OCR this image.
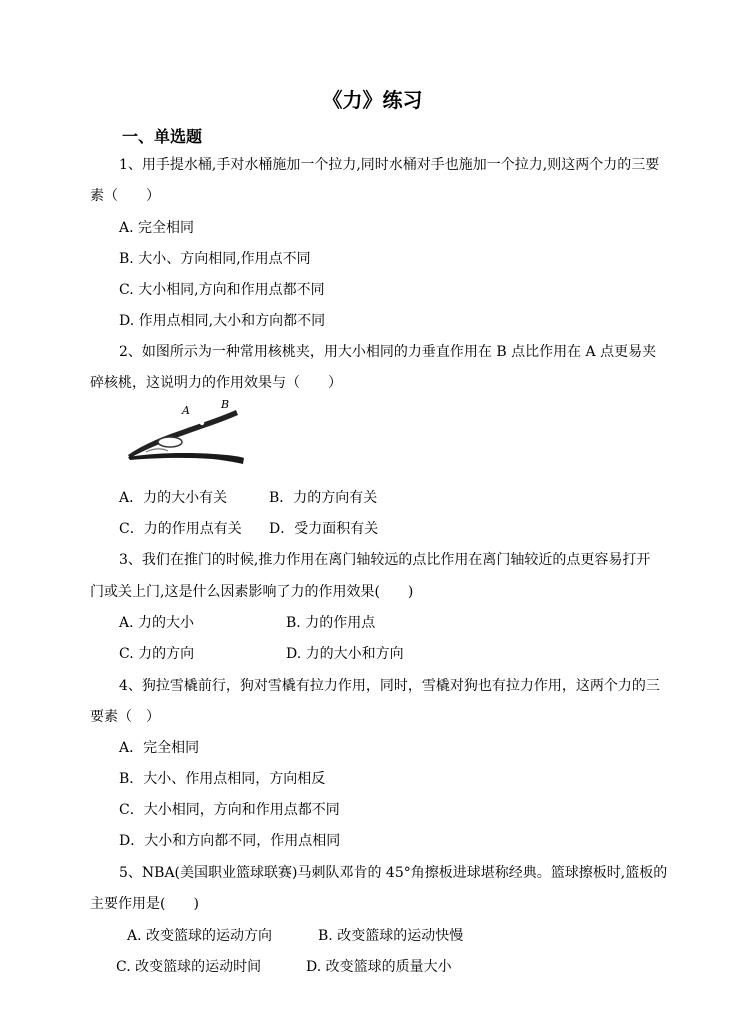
《力》练习
一、单选题
1、用手提水桶,手对水桶施加一个拉力,同时水桶对手也施加一个拉力,则这两个力的三要
素（　　）
A. 完全相同
B. 大小、方向相同,作用点不同
C. 大小相同,方向和作用点都不同
D. 作用点相同,大小和方向都不同
2、如图所示为一种常用核桃夹，用大小相同的力垂直作用在 B 点比作用在 A 点更易夹
碎核桃，这说明力的作用效果与（　　）
A	B
A．力的大小有关	B．力的方向有关
C．力的作用点有关 D．受力面积有关
3、我们在推门的时候,推力作用在离门轴较远的点比作用在离门轴较近的点更容易打开
门或关上门,这是什么因素影响了力的作用效果(　　)
A. 力的大小	B. 力的作用点
C. 力的方向	D. 力的大小和方向
4、狗拉雪橇前行，狗对雪橇有拉力作用，同时，雪橇对狗也有拉力作用，这两个力的三
要素（　）
A．完全相同
B．大小、作用点相同，方向相反
C．大小相同，方向和作用点都不同
D．大小和方向都不同，作用点相同
5、NBA(美国职业篮球联赛)马刺队邓肯的 45°角擦板进球堪称经典。篮球擦板时,篮板的
主要作用是(　　)
A. 改变篮球的运动方向	B. 改变篮球的运动快慢
C. 改变篮球的运动时间	D. 改变篮球的质量大小
